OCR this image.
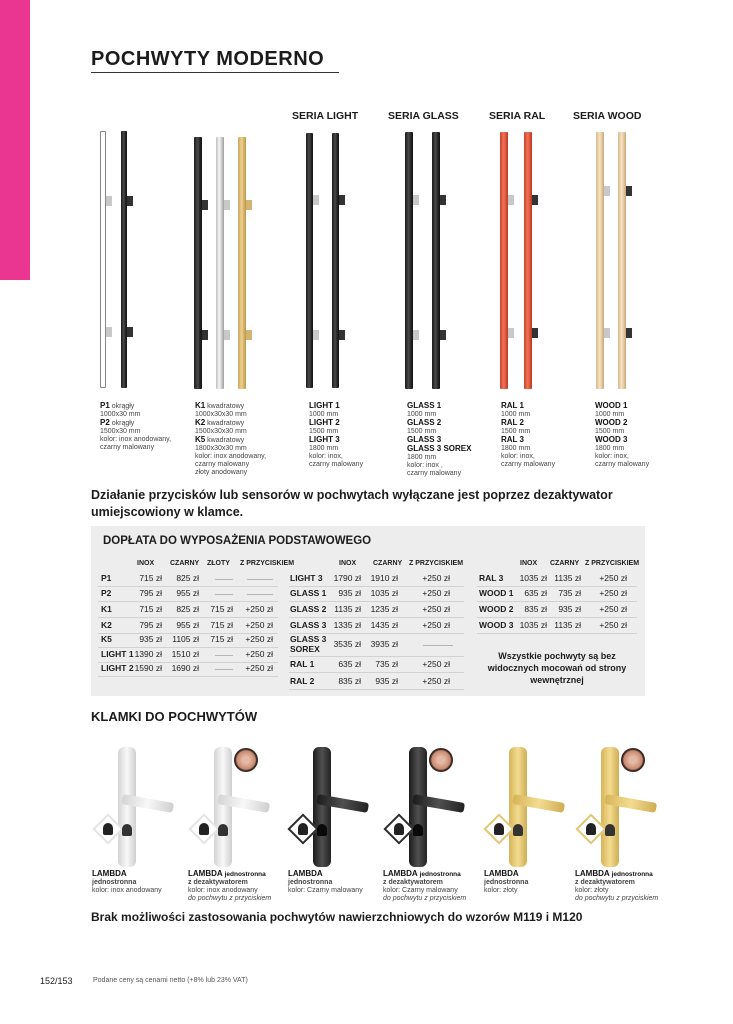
POCHWYTY MODERNO
SERIA LIGHT	SERIA GLASS	SERIA RAL	SERIA WOOD
P1 okrągły
1000x30 mm
P2 okrągły
1500x30 mm
kolor: inox anodowany,
czarny malowany
K1 kwadratowy
1000x30x30 mm
K2 kwadratowy
1500x30x30 mm
K5 kwadratowy
1800x30x30 mm
kolor: inox anodowany,
czarny malowany
złoty anodowany
LIGHT 1
1000 mm
LIGHT 2
1500 mm
LIGHT 3
1800 mm
kolor: inox,
czarny malowany
GLASS 1
1000 mm
GLASS 2
1500 mm
GLASS 3
GLASS 3 SOREX
1800 mm
kolor: inox ,
czarny malowany
RAL 1
1000 mm
RAL 2
1500 mm
RAL 3
1800 mm
kolor: inox,
czarny malowany
WOOD 1
1000 mm
WOOD 2
1500 mm
WOOD 3
1800 mm
kolor: inox,
czarny malowany
Działanie przycisków lub sensorów w pochwytach wyłączane jest poprzez dezaktywator umiejscowiony w klamce.
DOPŁATA DO WYPOSAŻENIA PODSTAWOWEGO
INOX CZARNY ZŁOTY Z PRZYCISKIEM	INOX CZARNY Z PRZYCISKIEM	INOX CZARNY Z PRZYCISKIEM
P1	715 zł 825 zł
P2	795 zł 955 zł
K1	715 zł 825 zł 715 zł +250 zł
K2	795 zł 955 zł 715 zł +250 zł
K5	935 zł 1105 zł 715 zł +250 zł
LIGHT 1 1390 zł 1510 zł	+250 zł
LIGHT 2 1590 zł 1690 zł	+250 zł
LIGHT 3 1790 zł 1910 zł	+250 zł
GLASS 1 935 zł 1035 zł	+250 zł
GLASS 2 1135 zł 1235 zł	+250 zł
GLASS 3 1335 zł 1435 zł	+250 zł
GLASS 3 SOREX	3535 zł 3935 zł
RAL 1	635 zł 735 zł	+250 zł
RAL 2	835 zł 935 zł	+250 zł
RAL 3 1035 zł 1135 zł +250 zł
WOOD 1 635 zł 735 zł +250 zł
WOOD 2 835 zł 935 zł +250 zł
WOOD 3 1035 zł 1135 zł +250 zł
Wszystkie pochwyty są bez widocznych mocowań od strony wewnętrznej
KLAMKI DO POCHWYTÓW
Brak możliwości zastosowania pochwytów nawierzchniowych do wzorów M119 i M120
152/153	Podane ceny są cenami netto (+8% lub 23% VAT)
LAMBDA
jednostronna
kolor: inox anodowany
LAMBDA jednostronna
z dezaktywatorem
kolor: inox anodowany
do pochwytu z przyciskiem
LAMBDA
jednostronna
kolor: Czarny malowany
LAMBDA jednostronna
z dezaktywatorem
kolor: Czarny malowany
do pochwytu z przyciskiem
LAMBDA
jednostronna
kolor: złoty
LAMBDA jednostronna
z dezaktywatorem
kolor: złoty
do pochwytu z przyciskiem
